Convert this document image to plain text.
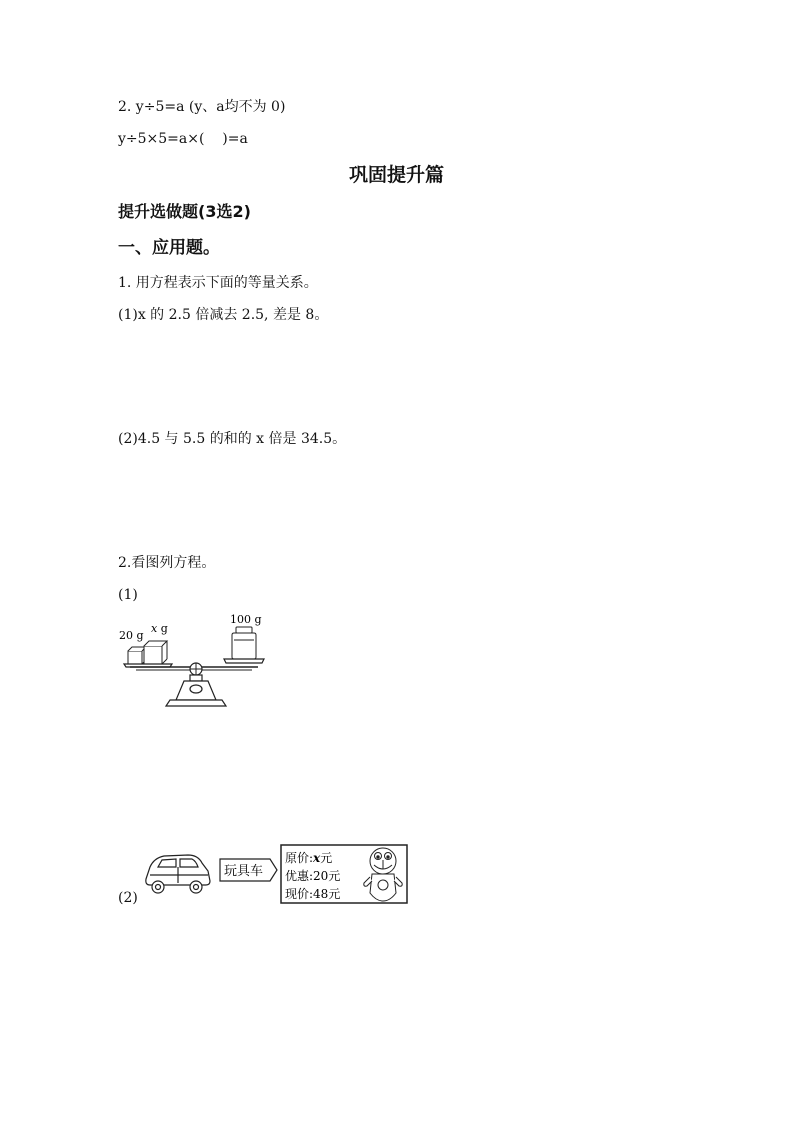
2. y÷5=a (y、a均不为 0)
y÷5×5=a×(    )=a
巩固提升篇
提升选做题(3选2)
一、应用题。
1. 用方程表示下面的等量关系。
(1)x 的 2.5 倍减去 2.5, 差是 8。
(2)4.5 与 5.5 的和的 x 倍是 34.5。
2.看图列方程。
(1)
20 g
x g
100 g
(2)
玩具车
原价:x元
优惠:20元
现价:48元
